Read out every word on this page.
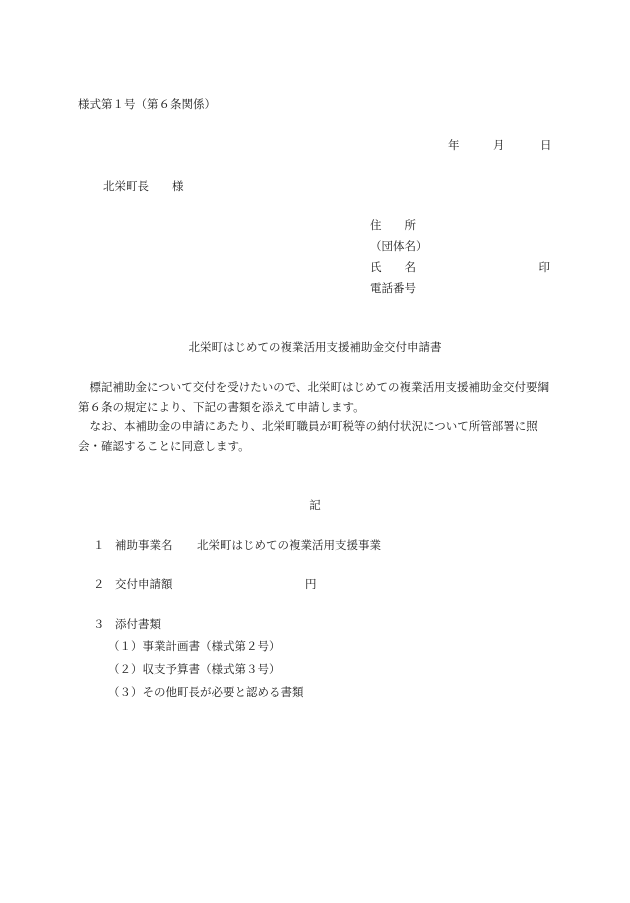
様式第１号（第６条関係）
年	月	日
北栄町長　　様
住　　所
（団体名）
氏　　名	印
電話番号
北栄町はじめての複業活用支援補助金交付申請書

標記補助金について交付を受けたいので、北栄町はじめての複業活用支援補助金交付要綱第６条の規定により、下記の書類を添えて申請します。

なお、本補助金の申請にあたり、北栄町職員が町税等の納付状況について所管部署に照会・確認することに同意します。

記
１ 補助事業名 北栄町はじめての複業活用支援事業
２ 交付申請額	円
３ 添付書類
（１）事業計画書（様式第２号）
（２）収支予算書（様式第３号）
（３）その他町長が必要と認める書類
